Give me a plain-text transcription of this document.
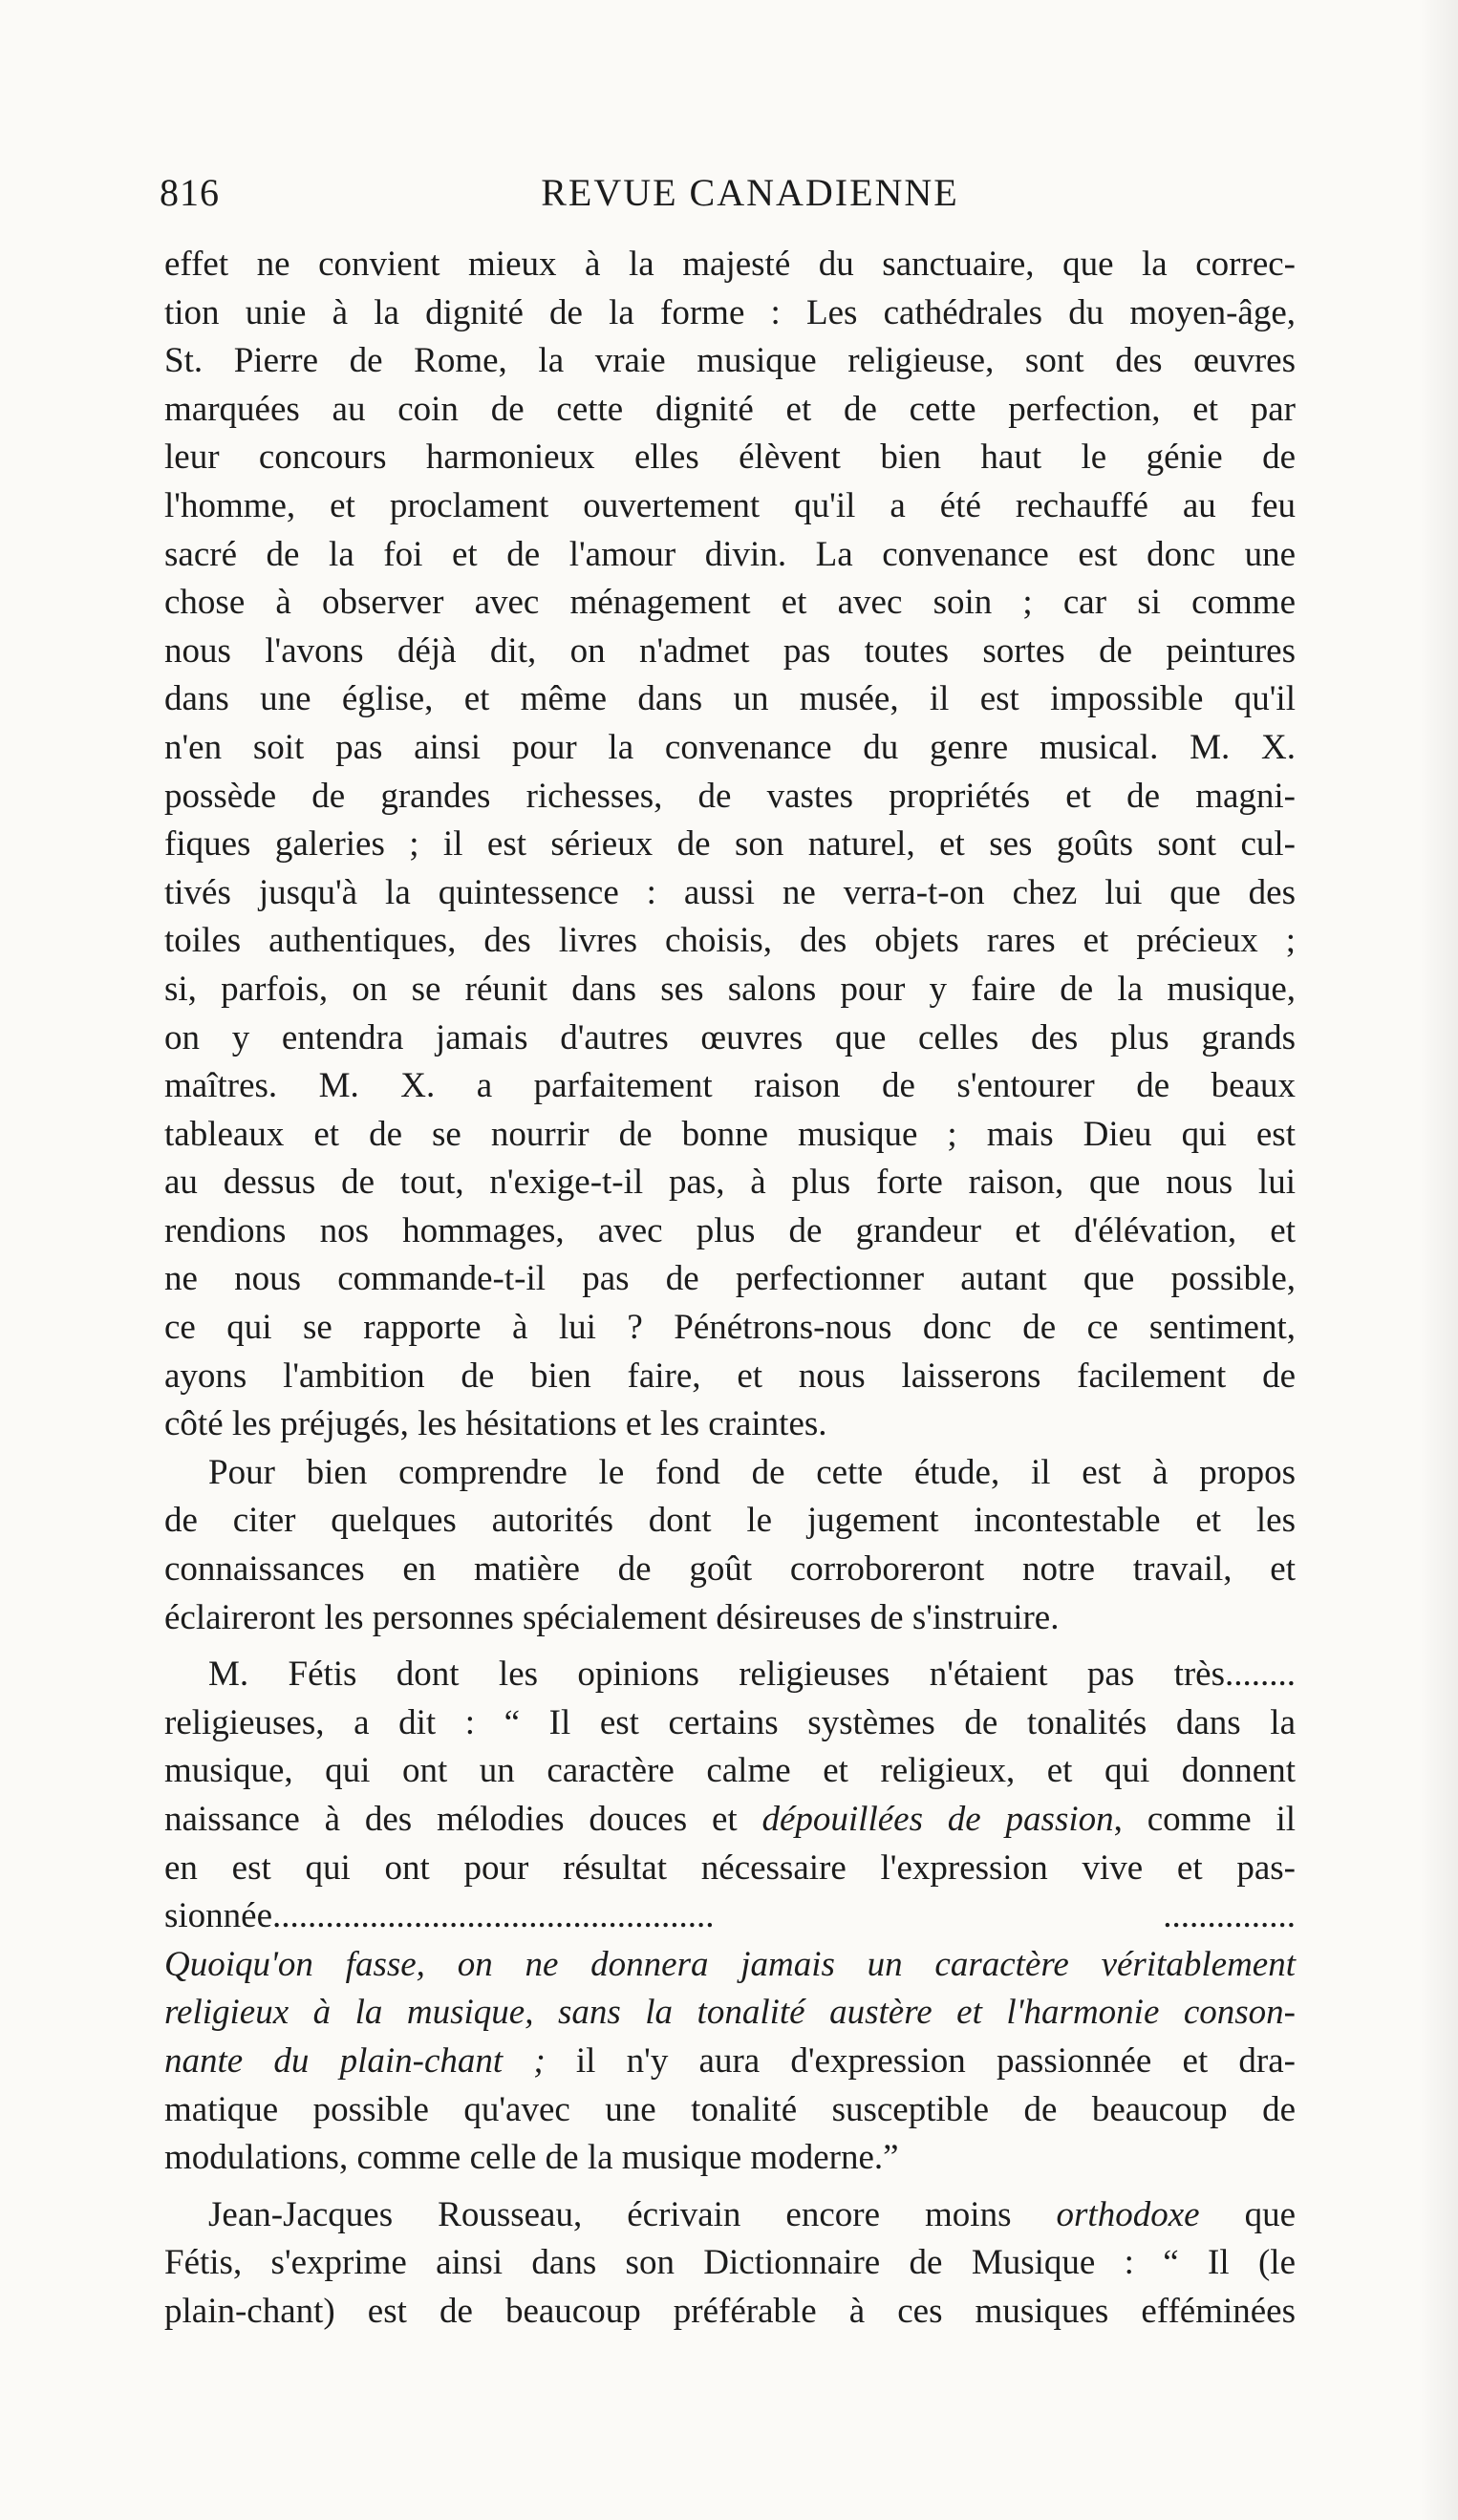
816	REVUE CANADIENNE
effet ne convient mieux à la majesté du sanctuaire, que la correc-
tion unie à la dignité de la forme : Les cathédrales du moyen-âge,
St. Pierre de Rome, la vraie musique religieuse, sont des œuvres
marquées au coin de cette dignité et de cette perfection, et par
leur concours harmonieux elles élèvent bien haut le génie de
l'homme, et proclament ouvertement qu'il a été rechauffé au feu
sacré de la foi et de l'amour divin. La convenance est donc une
chose à observer avec ménagement et avec soin ; car si comme
nous l'avons déjà dit, on n'admet pas toutes sortes de peintures
dans une église, et même dans un musée, il est impossible qu'il
n'en soit pas ainsi pour la convenance du genre musical. M. X.
possède de grandes richesses, de vastes propriétés et de magni-
fiques galeries ; il est sérieux de son naturel, et ses goûts sont cul-
tivés jusqu'à la quintessence : aussi ne verra-t-on chez lui que des
toiles authentiques, des livres choisis, des objets rares et précieux ;
si, parfois, on se réunit dans ses salons pour y faire de la musique,
on y entendra jamais d'autres œuvres que celles des plus grands
maîtres. M. X. a parfaitement raison de s'entourer de beaux
tableaux et de se nourrir de bonne musique ; mais Dieu qui est
au dessus de tout, n'exige-t-il pas, à plus forte raison, que nous lui
rendions nos hommages, avec plus de grandeur et d'élévation, et
ne nous commande-t-il pas de perfectionner autant que possible,
ce qui se rapporte à lui ? Pénétrons-nous donc de ce sentiment,
ayons l'ambition de bien faire, et nous laisserons facilement de
côté les préjugés, les hésitations et les craintes.
Pour bien comprendre le fond de cette étude, il est à propos
de citer quelques autorités dont le jugement incontestable et les
connaissances en matière de goût corroboreront notre travail, et
éclaireront les personnes spécialement désireuses de s'instruire.
M. Fétis dont les opinions religieuses n'étaient pas très........
religieuses, a dit : “ Il est certains systèmes de tonalités dans la
musique, qui ont un caractère calme et religieux, et qui donnent
naissance à des mélodies douces et dépouillées de passion, comme il
en est qui ont pour résultat nécessaire l'expression vive et pas-
sionnée..................................................	...............
Quoiqu'on fasse, on ne donnera jamais un caractère véritablement
religieux à la musique, sans la tonalité austère et l'harmonie conson-
nante du plain-chant ; il n'y aura d'expression passionnée et dra-
matique possible qu'avec une tonalité susceptible de beaucoup de
modulations, comme celle de la musique moderne.”
Jean-Jacques Rousseau, écrivain encore moins orthodoxe que
Fétis, s'exprime ainsi dans son Dictionnaire de Musique : “ Il (le
plain-chant) est de beaucoup préférable à ces musiques efféminées
